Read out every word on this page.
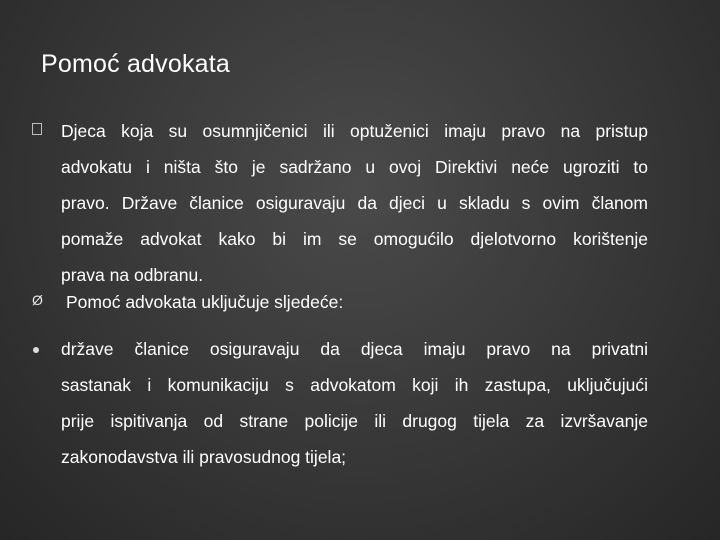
Pomoć advokata
Djeca koja su osumnjičenici ili optuženici imaju pravo na pristup
advokatu i ništa što je sadržano u ovoj Direktivi neće ugroziti to
pravo. Države članice osiguravaju da djeci u skladu s ovim članom
pomaže advokat kako bi im se omogućilo djelotvorno korištenje
prava na odbranu.
Ø Pomoć advokata uključuje sljedeće:
države članice osiguravaju da djeca imaju pravo na privatni
sastanak i komunikaciju s advokatom koji ih zastupa, uključujući
prije ispitivanja od strane policije ili drugog tijela za izvršavanje
zakonodavstva ili pravosudnog tijela;
